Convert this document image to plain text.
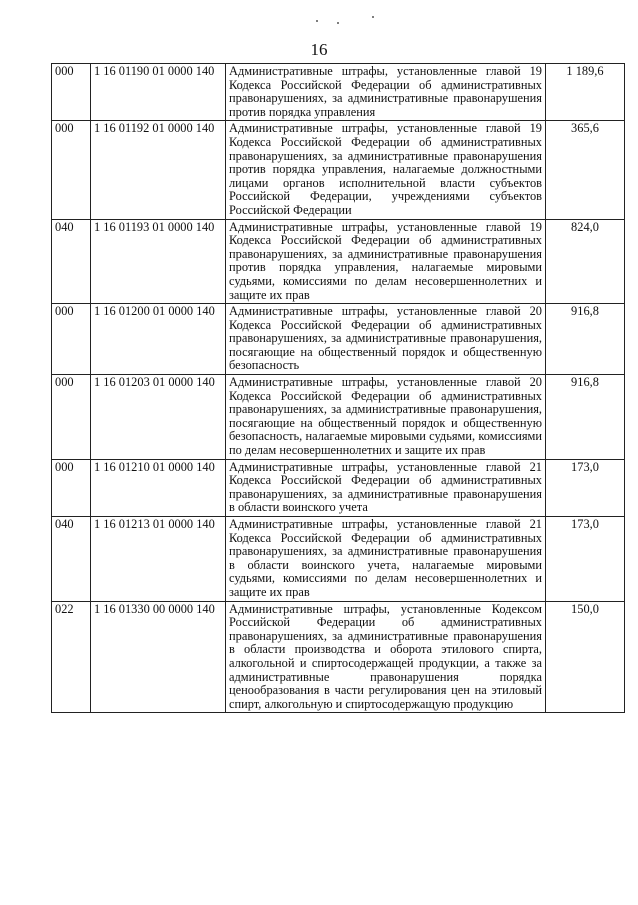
16
000	1 16 01190 01 0000 140	Административные штрафы, установленные главой 19 Кодекса Российской Федерации об административных правонарушениях, за административные правонарушения против порядка управления	1 189,6
000	1 16 01192 01 0000 140	Административные штрафы, установленные главой 19 Кодекса Российской Федерации об административных правонарушениях, за административные правонарушения против порядка управления, налагаемые должностными лицами органов исполнительной власти субъектов Российской Федерации, учреждениями субъектов Российской Федерации	365,6
040	1 16 01193 01 0000 140	Административные штрафы, установленные главой 19 Кодекса Российской Федерации об административных правонарушениях, за административные правонарушения против порядка управления, налагаемые мировыми судьями, комиссиями по делам несовершеннолетних и защите их прав	824,0
000	1 16 01200 01 0000 140	Административные штрафы, установленные главой 20 Кодекса Российской Федерации об административных правонарушениях, за административные правонарушения, посягающие на общественный порядок и общественную безопасность	916,8
000	1 16 01203 01 0000 140	Административные штрафы, установленные главой 20 Кодекса Российской Федерации об административных правонарушениях, за административные правонарушения, посягающие на общественный порядок и общественную безопасность, налагаемые мировыми судьями, комиссиями по делам несовершеннолетних и защите их прав	916,8
000	1 16 01210 01 0000 140	Административные штрафы, установленные главой 21 Кодекса Российской Федерации об административных правонарушениях, за административные правонарушения в области воинского учета	173,0
040	1 16 01213 01 0000 140	Административные штрафы, установленные главой 21 Кодекса Российской Федерации об административных правонарушениях, за административные правонарушения в области воинского учета, налагаемые мировыми судьями, комиссиями по делам несовершеннолетних и защите их прав	173,0
022	1 16 01330 00 0000 140	Административные штрафы, установленные Кодексом Российской Федерации об административных правонарушениях, за административные правонарушения в области производства и оборота этилового спирта, алкогольной и спиртосодержащей продукции, а также за административные правонарушения порядка ценообразования в части регулирования цен на этиловый спирт, алкогольную и спиртосодержащую продукцию	150,0
